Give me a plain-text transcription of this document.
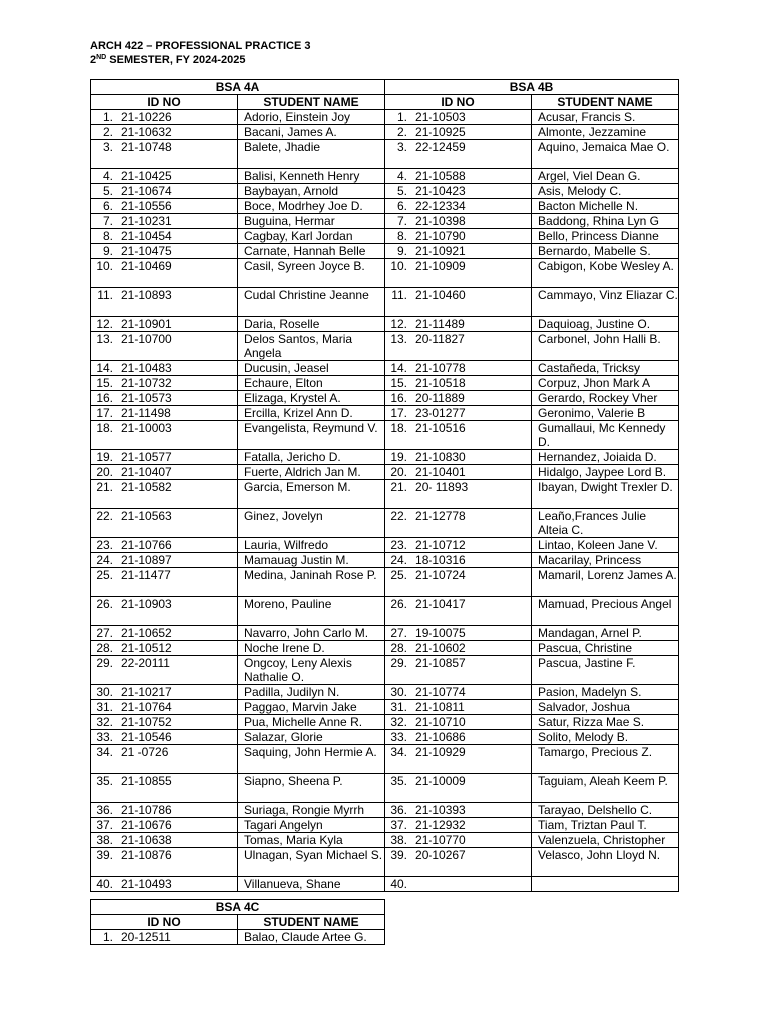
ARCH 422 – PROFESSIONAL PRACTICE 3
2ND SEMESTER, FY 2024-2025
BSA 4A		BSA 4B	
ID NO	STUDENT NAME	ID NO	STUDENT NAME
1. 21-10226	Adorio, Einstein Joy	1. 21-10503	Acusar, Francis S.
2. 21-10632	Bacani, James A.	2. 21-10925	Almonte, Jezzamine
3. 21-10748	Balete, Jhadie	3. 22-12459	Aquino, Jemaica Mae O.
4. 21-10425	Balisi, Kenneth Henry	4. 21-10588	Argel, Viel Dean G.
5. 21-10674	Baybayan, Arnold	5. 21-10423	Asis, Melody C.
6. 21-10556	Boce, Modrhey Joe D.	6. 22-12334	Bacton Michelle N.
7. 21-10231	Buguina, Hermar	7. 21-10398	Baddong, Rhina Lyn G
8. 21-10454	Cagbay, Karl Jordan	8. 21-10790	Bello, Princess Dianne
9. 21-10475	Carnate, Hannah Belle	9. 21-10921	Bernardo, Mabelle S.
10. 21-10469	Casil, Syreen Joyce B.	10. 21-10909	Cabigon, Kobe Wesley A.
11. 21-10893	Cudal Christine Jeanne	11. 21-10460	Cammayo, Vinz Eliazar C.
12. 21-10901	Daria, Roselle	12. 21-11489	Daquioag, Justine O.
13. 21-10700	Delos Santos, Maria Angela	13. 20-11827	Carbonel, John Halli B.
14. 21-10483	Ducusin, Jeasel	14. 21-10778	Castañeda, Tricksy
15. 21-10732	Echaure, Elton	15. 21-10518	Corpuz, Jhon Mark A
16. 21-10573	Elizaga, Krystel A.	16. 20-11889	Gerardo, Rockey Vher
17. 21-11498	Ercilla, Krizel Ann D.	17. 23-01277	Geronimo, Valerie B
18. 21-10003	Evangelista, Reymund V.	18. 21-10516	Gumallaui, Mc Kennedy D.
19. 21-10577	Fatalla, Jericho D.	19. 21-10830	Hernandez, Joiaida D.
20. 21-10407	Fuerte, Aldrich Jan M.	20. 21-10401	Hidalgo, Jaypee Lord B.
21. 21-10582	Garcia, Emerson M.	21. 20- 11893	Ibayan, Dwight Trexler D.
22. 21-10563	Ginez, Jovelyn	22. 21-12778	Leaño,Frances Julie Alteia C.
23. 21-10766	Lauria, Wilfredo	23. 21-10712	Lintao, Koleen Jane V.
24. 21-10897	Mamauag Justin M.	24. 18-10316	Macarilay, Princess
25. 21-11477	Medina, Janinah Rose P.	25. 21-10724	Mamaril, Lorenz James A.
26. 21-10903	Moreno, Pauline	26. 21-10417	Mamuad, Precious Angel
27. 21-10652	Navarro, John Carlo M.	27. 19-10075	Mandagan, Arnel P.
28. 21-10512	Noche Irene D.	28. 21-10602	Pascua, Christine
29. 22-20111	Ongcoy, Leny Alexis Nathalie O.	29. 21-10857	Pascua, Jastine F.
30. 21-10217	Padilla, Judilyn N.	30. 21-10774	Pasion, Madelyn S.
31. 21-10764	Paggao, Marvin Jake	31. 21-10811	Salvador, Joshua
32. 21-10752	Pua, Michelle Anne R.	32. 21-10710	Satur, Rizza Mae S.
33. 21-10546	Salazar, Glorie	33. 21-10686	Solito, Melody B.
34. 21 -0726	Saquing, John Hermie A.	34. 21-10929	Tamargo, Precious Z.
35. 21-10855	Siapno, Sheena P.	35. 21-10009	Taguiam, Aleah Keem P.
36. 21-10786	Suriaga, Rongie Myrrh	36. 21-10393	Tarayao, Delshello C.
37. 21-10676	Tagari Angelyn	37. 21-12932	Tiam, Triztan Paul T.
38. 21-10638	Tomas, Maria Kyla	38. 21-10770	Valenzuela, Christopher
39. 21-10876	Ulnagan, Syan Michael S.	39. 20-10267	Velasco, John Lloyd N.
40. 21-10493	Villanueva, Shane	40.	
BSA 4C	
ID NO	STUDENT NAME
1. 20-12511	Balao, Claude Artee G.
